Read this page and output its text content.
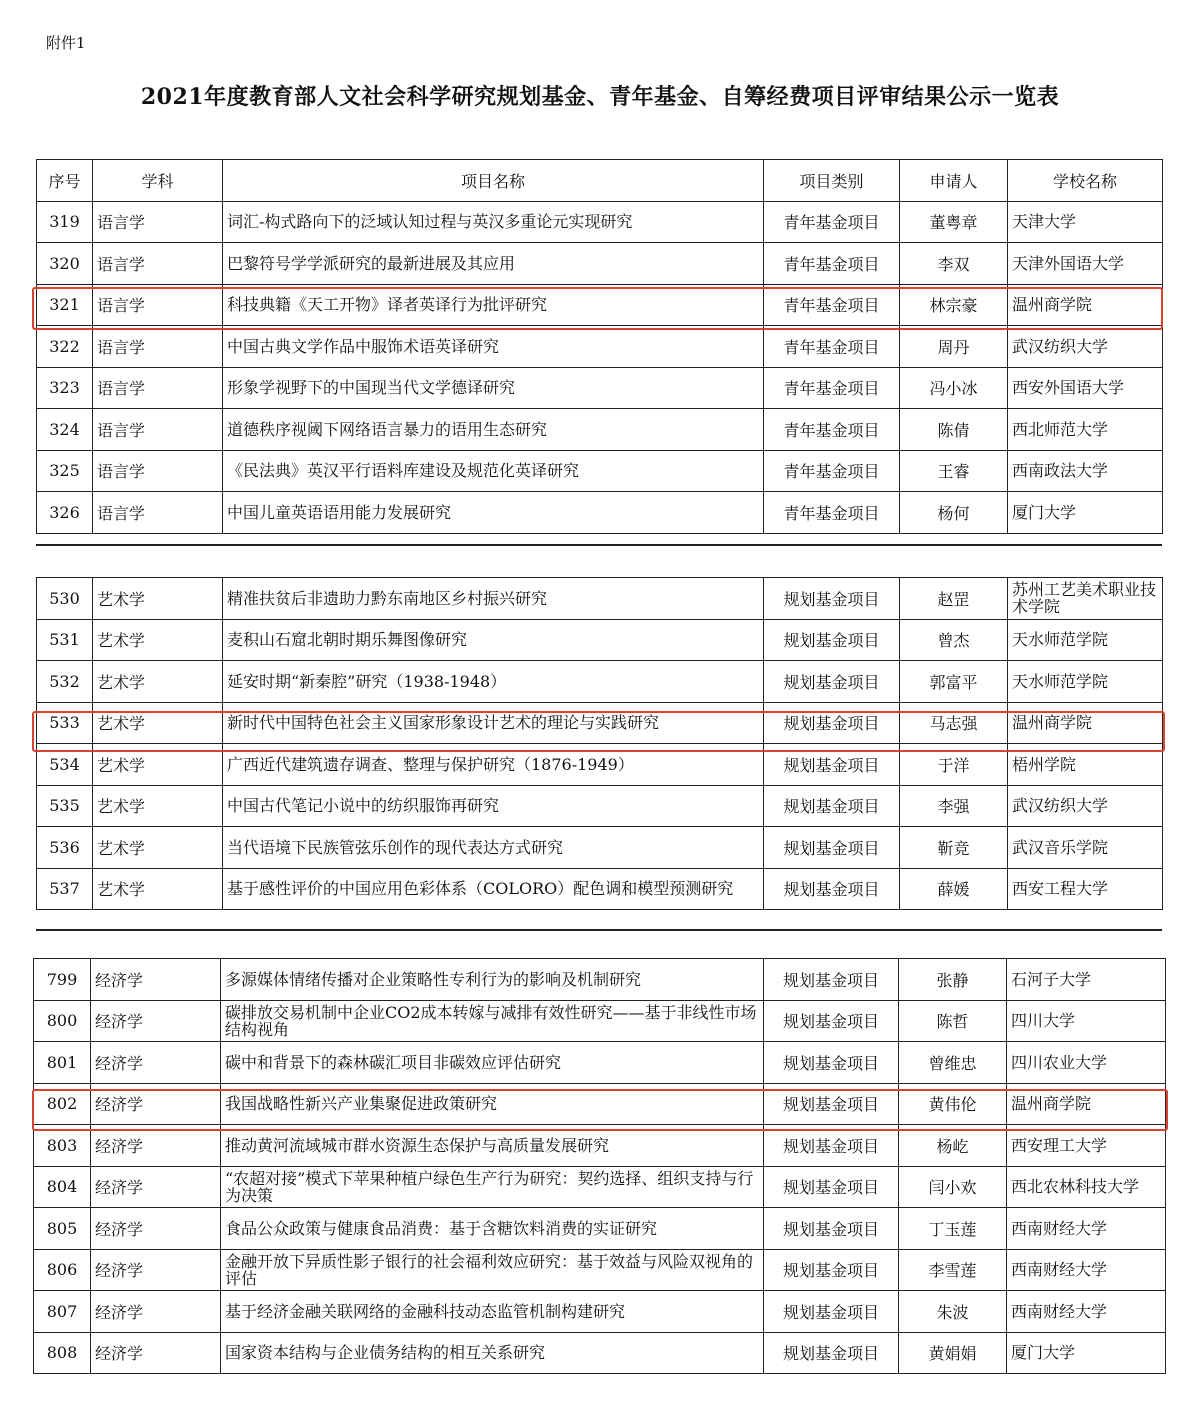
附件1
2021年度教育部人文社会科学研究规划基金、青年基金、自筹经费项目评审结果公示一览表
序号	学科	项目名称	项目类别	申请人	学校名称
319	语言学	词汇-构式路向下的泛域认知过程与英汉多重论元实现研究	青年基金项目	董粤章	天津大学

320	语言学	巴黎符号学学派研究的最新进展及其应用	青年基金项目	李双	天津外国语大学

321	语言学	科技典籍《天工开物》译者英译行为批评研究	青年基金项目	林宗豪	温州商学院

322	语言学	中国古典文学作品中服饰术语英译研究	青年基金项目	周丹	武汉纺织大学

323	语言学	形象学视野下的中国现当代文学德译研究	青年基金项目	冯小冰	西安外国语大学

324	语言学	道德秩序视阈下网络语言暴力的语用生态研究	青年基金项目	陈倩	西北师范大学

325	语言学	《民法典》英汉平行语料库建设及规范化英译研究	青年基金项目	王睿	西南政法大学

326	语言学	中国儿童英语语用能力发展研究	青年基金项目	杨何	厦门大学
530	艺术学	精准扶贫后非遗助力黔东南地区乡村振兴研究	规划基金项目	赵罡	苏州工艺美术职业技术学院

531	艺术学	麦积山石窟北朝时期乐舞图像研究	规划基金项目	曾杰	天水师范学院

532	艺术学	延安时期“新秦腔”研究（1938-1948）	规划基金项目	郭富平	天水师范学院

533	艺术学	新时代中国特色社会主义国家形象设计艺术的理论与实践研究	规划基金项目	马志强	温州商学院

534	艺术学	广西近代建筑遗存调查、整理与保护研究（1876-1949）	规划基金项目	于洋	梧州学院

535	艺术学	中国古代笔记小说中的纺织服饰再研究	规划基金项目	李强	武汉纺织大学

536	艺术学	当代语境下民族管弦乐创作的现代表达方式研究	规划基金项目	靳竞	武汉音乐学院

537	艺术学	基于感性评价的中国应用色彩体系（COLORO）配色调和模型预测研究	规划基金项目	薛媛	西安工程大学
799	经济学	多源媒体情绪传播对企业策略性专利行为的影响及机制研究	规划基金项目	张静	石河子大学

800	经济学	碳排放交易机制中企业CO2成本转嫁与减排有效性研究——基于非线性市场结构视角	规划基金项目	陈哲	四川大学

801	经济学	碳中和背景下的森林碳汇项目非碳效应评估研究	规划基金项目	曾维忠	四川农业大学

802	经济学	我国战略性新兴产业集聚促进政策研究	规划基金项目	黄伟伦	温州商学院

803	经济学	推动黄河流域城市群水资源生态保护与高质量发展研究	规划基金项目	杨屹	西安理工大学

804	经济学	“农超对接”模式下苹果种植户绿色生产行为研究：契约选择、组织支持与行为决策	规划基金项目	闫小欢	西北农林科技大学

805	经济学	食品公众政策与健康食品消费：基于含糖饮料消费的实证研究	规划基金项目	丁玉莲	西南财经大学

806	经济学	金融开放下异质性影子银行的社会福利效应研究：基于效益与风险双视角的评估	规划基金项目	李雪莲	西南财经大学

807	经济学	基于经济金融关联网络的金融科技动态监管机制构建研究	规划基金项目	朱波	西南财经大学

808	经济学	国家资本结构与企业债务结构的相互关系研究	规划基金项目	黄娟娟	厦门大学
